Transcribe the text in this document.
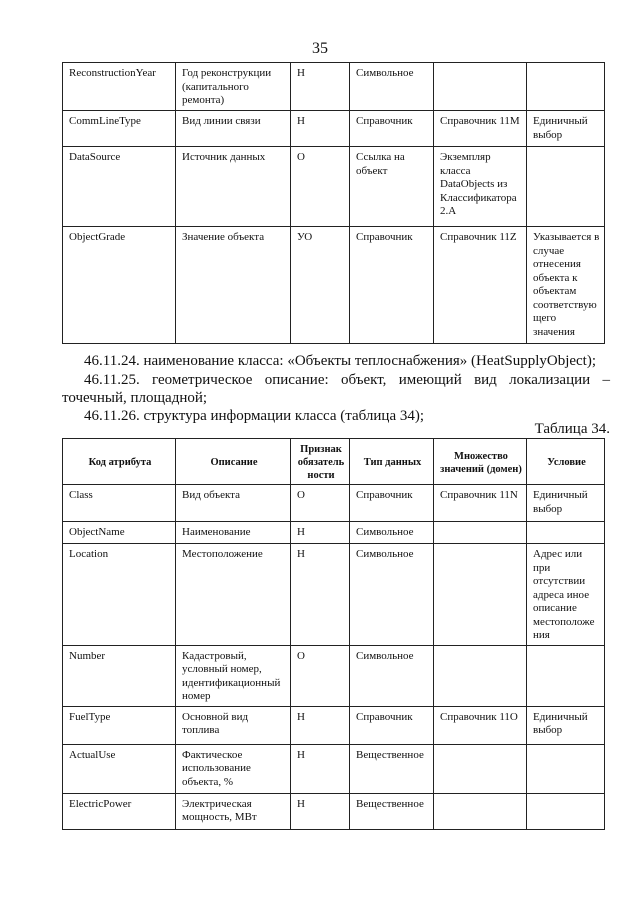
35
ReconstructionYear	Год реконструкции (капитального ремонта)	Н	Символьное		
CommLineType	Вид линии связи	Н	Справочник	Справочник 11М	Единичный выбор
DataSource	Источник данных	О	Ссылка на объект	Экземпляр класса DataObjects из Классификатора 2.А	
ObjectGrade	Значение объекта	УО	Справочник	Справочник 11Z	Указывается в случае отнесения объекта к объектам соответствую щего значения
46.11.24. наименование класса: «Объекты теплоснабжения» (HeatSupplyObject);
46.11.25. геометрическое описание: объект, имеющий вид локализации – точечный, площадной;
46.11.26. структура информации класса (таблица 34);
Таблица 34.
Код атрибута	Описание	Признак обязатель ности	Тип данных	Множество значений (домен)	Условие
Class	Вид объекта	О	Справочник	Справочник 11N	Единичный выбор
ObjectName	Наименование	Н	Символьное		
Location	Местоположение	Н	Символьное		Адрес или при отсутствии адреса иное описание местоположе ния
Number	Кадастровый, условный номер, идентификационный номер	О	Символьное		
FuelType	Основной вид топлива	Н	Справочник	Справочник 11О	Единичный выбор
ActualUse	Фактическое использование объекта, %	Н	Вещественное		
ElectricPower	Электрическая мощность, МВт	Н	Вещественное		
